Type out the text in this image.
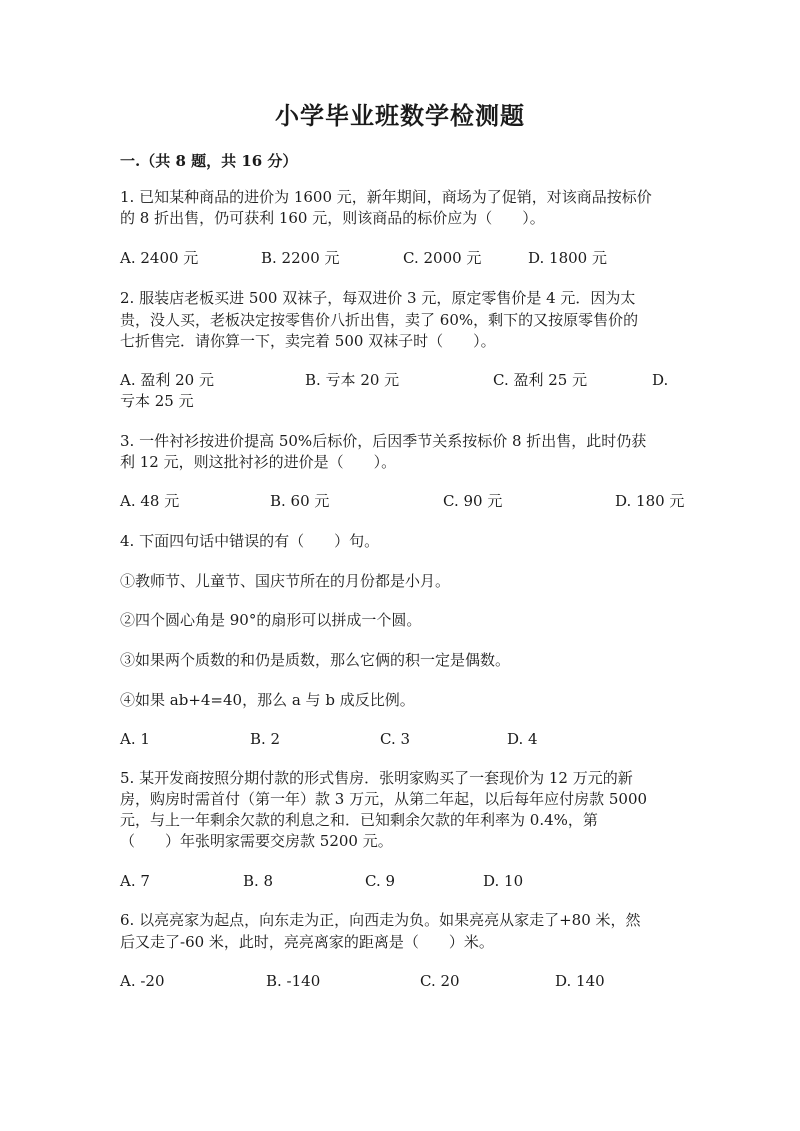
小学毕业班数学检测题
一.（共 8 题，共 16 分）
1. 已知某种商品的进价为 1600 元，新年期间，商场为了促销，对该商品按标价
的 8 折出售，仍可获利 160 元，则该商品的标价应为（　　）。
A. 2400 元	B. 2200 元	C. 2000 元	D. 1800 元
2. 服装店老板买进 500 双袜子，每双进价 3 元，原定零售价是 4 元．因为太
贵，没人买，老板决定按零售价八折出售，卖了 60%，剩下的又按原零售价的
七折售完．请你算一下，卖完着 500 双袜子时（　　）。
A. 盈利 20 元	B. 亏本 20 元	C. 盈利 25 元	D.
亏本 25 元
3. 一件衬衫按进价提高 50%后标价，后因季节关系按标价 8 折出售，此时仍获
利 12 元，则这批衬衫的进价是（　　）。
A. 48 元	B. 60 元	C. 90 元	D. 180 元
4. 下面四句话中错误的有（　　）句。
①教师节、儿童节、国庆节所在的月份都是小月。
②四个圆心角是 90°的扇形可以拼成一个圆。
③如果两个质数的和仍是质数，那么它俩的积一定是偶数。
④如果 ab+4=40，那么 a 与 b 成反比例。
A. 1	B. 2	C. 3	D. 4
5. 某开发商按照分期付款的形式售房．张明家购买了一套现价为 12 万元的新
房，购房时需首付（第一年）款 3 万元，从第二年起，以后每年应付房款 5000
元，与上一年剩余欠款的利息之和．已知剩余欠款的年利率为 0.4%，第
（　　）年张明家需要交房款 5200 元。
A. 7	B. 8	C. 9	D. 10
6. 以亮亮家为起点，向东走为正，向西走为负。如果亮亮从家走了+80 米，然
后又走了-60 米，此时，亮亮离家的距离是（　　）米。
A. -20	B. -140	C. 20	D. 140
